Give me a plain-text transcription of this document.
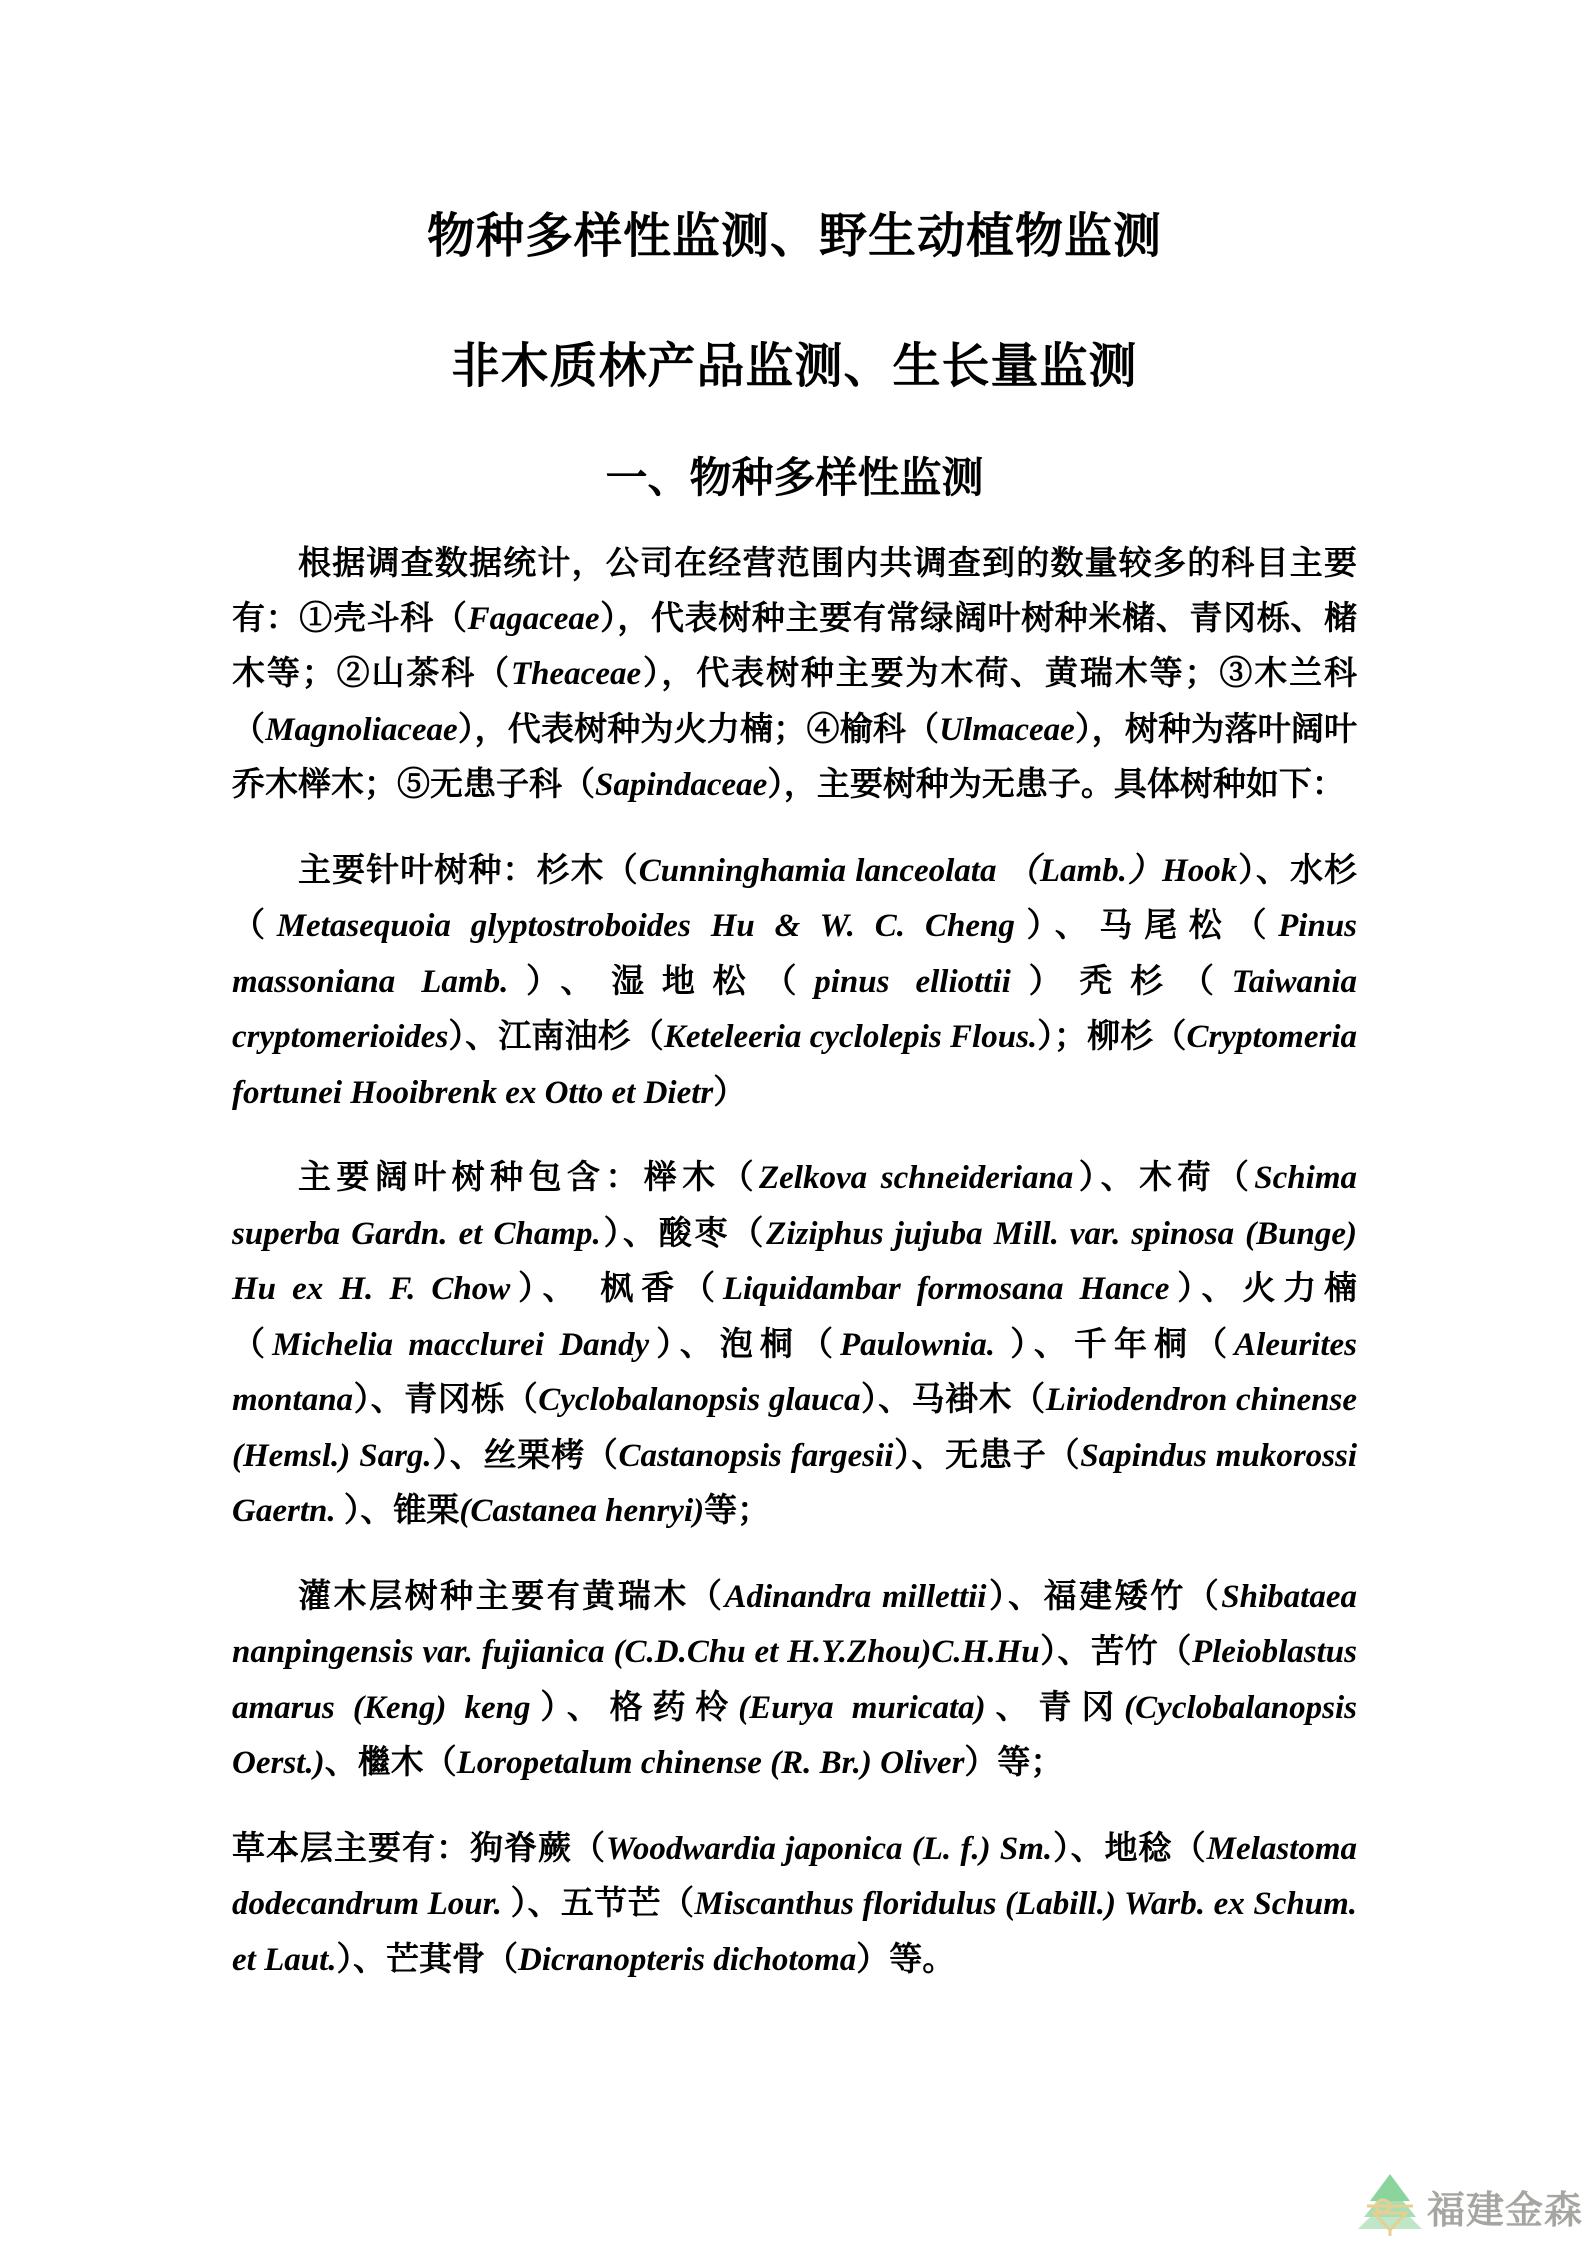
物种多样性监测、野生动植物监测
非木质林产品监测、生长量监测
一、物种多样性监测

根据调查数据统计，公司在经营范围内共调查到的数量较多的科目主要有：①壳斗科（Fagaceae），代表树种主要有常绿阔叶树种米槠、青冈栎、槠木等；②山茶科（Theaceae），代表树种主要为木荷、黄瑞木等；③木兰科（Magnoliaceae），代表树种为火力楠；④榆科（Ulmaceae），树种为落叶阔叶乔木榉木；⑤无患子科（Sapindaceae），主要树种为无患子。具体树种如下：

主要针叶树种：杉木（Cunninghamia lanceolata （Lamb.）Hook）、水杉（Metasequoia glyptostroboides Hu & W. C. Cheng）、马尾松（Pinus massoniana Lamb.）、湿地松（pinus elliottii）秃杉（Taiwania cryptomerioides）、江南油杉（Keteleeria cyclolepis Flous.）；柳杉（Cryptomeria fortunei Hooibrenk ex Otto et Dietr）

主要阔叶树种包含：榉木（Zelkova schneideriana）、木荷（Schima superba Gardn. et Champ.）、酸枣（Ziziphus jujuba Mill. var. spinosa (Bunge) Hu ex H. F. Chow）、 枫香（Liquidambar formosana Hance）、火力楠（Michelia macclurei Dandy）、泡桐（Paulownia. ）、千年桐（Aleurites montana）、青冈栎（Cyclobalanopsis glauca）、马褂木（Liriodendron chinense (Hemsl.) Sarg.）、丝栗栲（Castanopsis fargesii）、无患子（Sapindus mukorossi Gaertn. ）、锥栗(Castanea henryi)等；

灌木层树种主要有黄瑞木（Adinandra millettii）、福建矮竹（Shibataea nanpingensis var. fujianica (C.D.Chu et H.Y.Zhou)C.H.Hu）、苦竹（Pleioblastus amarus (Keng) keng）、格药柃(Eurya muricata)、青冈(Cyclobalanopsis Oerst.)、檵木（Loropetalum chinense (R. Br.) Oliver）等；

草本层主要有：狗脊蕨（Woodwardia japonica (L. f.) Sm.）、地稔（Melastoma dodecandrum Lour. ）、五节芒（Miscanthus floridulus (Labill.) Warb. ex Schum. et Laut.）、芒萁骨（Dicranopteris dichotoma）等。

福建金森
